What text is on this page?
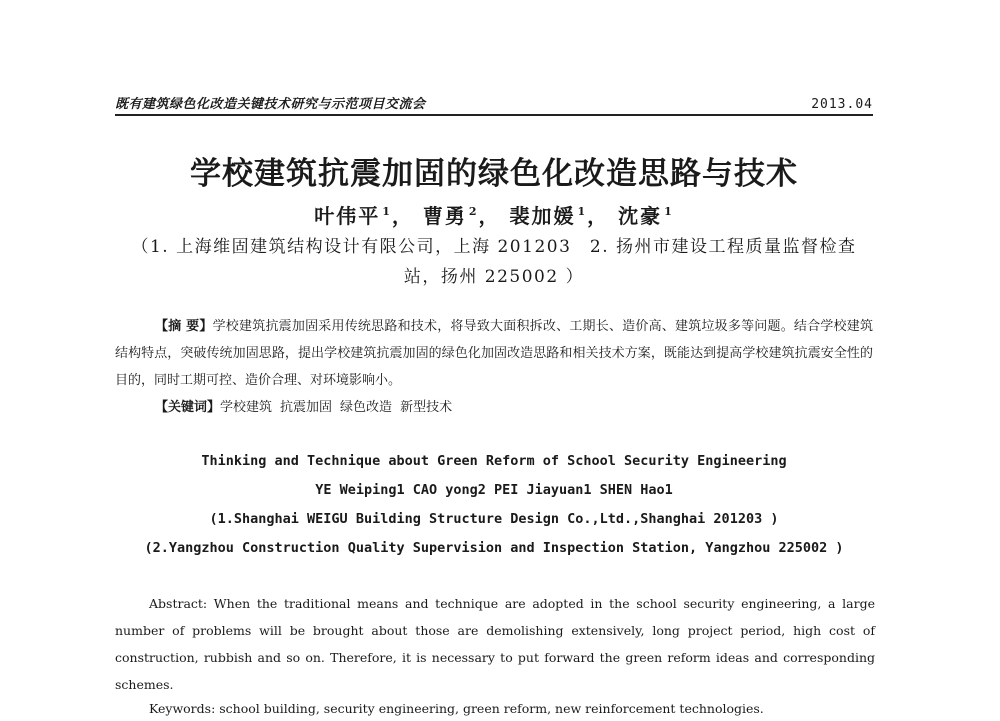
既有建筑绿色化改造关键技术研究与示范项目交流会	2013.04
学校建筑抗震加固的绿色化改造思路与技术
叶伟平 $^1$， 曹勇 $^2$， 裴加媛 $^1$， 沈豪 $^1$
（1. 上海维固建筑结构设计有限公司，上海 201203　2. 扬州市建设工程质量监督检查站，扬州 225002 ）
【摘 要】学校建筑抗震加固采用传统思路和技术，将导致大面积拆改、工期长、造价高、建筑垃圾多等问题。结合学校建筑结构特点，突破传统加固思路，提出学校建筑抗震加固的绿色化加固改造思路和相关技术方案，既能达到提高学校建筑抗震安全性的目的，同时工期可控、造价合理、对环境影响小。
【关键词】学校建筑 抗震加固 绿色改造 新型技术
Thinking and Technique about Green Reform of School Security Engineering
YE Weiping1 CAO yong2 PEI Jiayuan1 SHEN Hao1
(1.Shanghai WEIGU Building Structure Design Co.,Ltd.,Shanghai 201203 )
(2.Yangzhou Construction Quality Supervision and Inspection Station, Yangzhou 225002 )
Abstract: When the traditional means and technique are adopted in the school security engineering, a large number of problems will be brought about those are demolishing extensively, long project period, high cost of construction, rubbish and so on. Therefore, it is necessary to put forward the green reform ideas and corresponding schemes.
Keywords: school building, security engineering, green reform, new reinforcement technologies.
